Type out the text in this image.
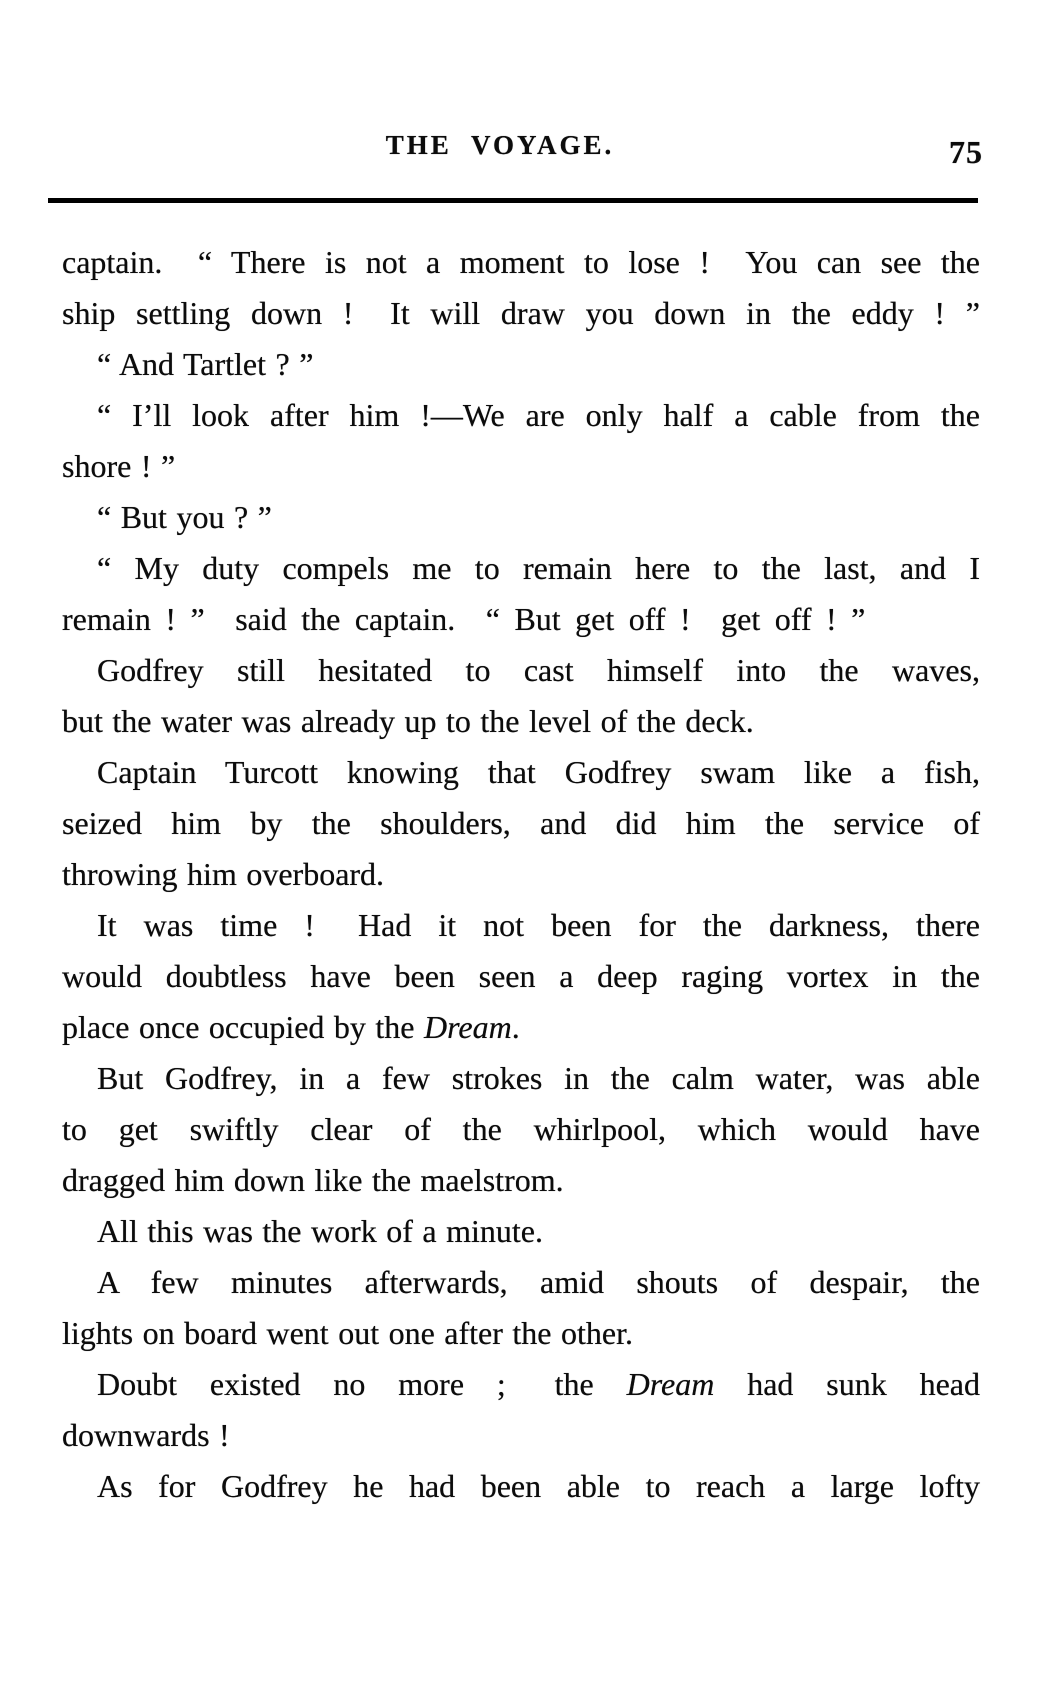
THE VOYAGE.	75
captain.  “ There is not a moment to lose !  You can see the
ship settling down !  It will draw you down in the eddy ! ”
“ And Tartlet ? ”
“ I’ll look after him !—We are only half a cable from the
shore ! ”
“ But you ? ”
“ My duty compels me to remain here to the last, and I
remain ! ”  said the captain.  “ But get off !  get off ! ”
Godfrey still hesitated to cast himself into the waves,
but the water was already up to the level of the deck.
Captain Turcott knowing that Godfrey swam like a fish,
seized him by the shoulders, and did him the service of
throwing him overboard.
It was time !  Had it not been for the darkness, there
would doubtless have been seen a deep raging vortex in the
place once occupied by the Dream.
But Godfrey, in a few strokes in the calm water, was able
to get swiftly clear of the whirlpool, which would have
dragged him down like the maelstrom.
All this was the work of a minute.
A few minutes afterwards, amid shouts of despair, the
lights on board went out one after the other.
Doubt existed no more ;  the Dream had sunk head
downwards !
As for Godfrey he had been able to reach a large lofty
